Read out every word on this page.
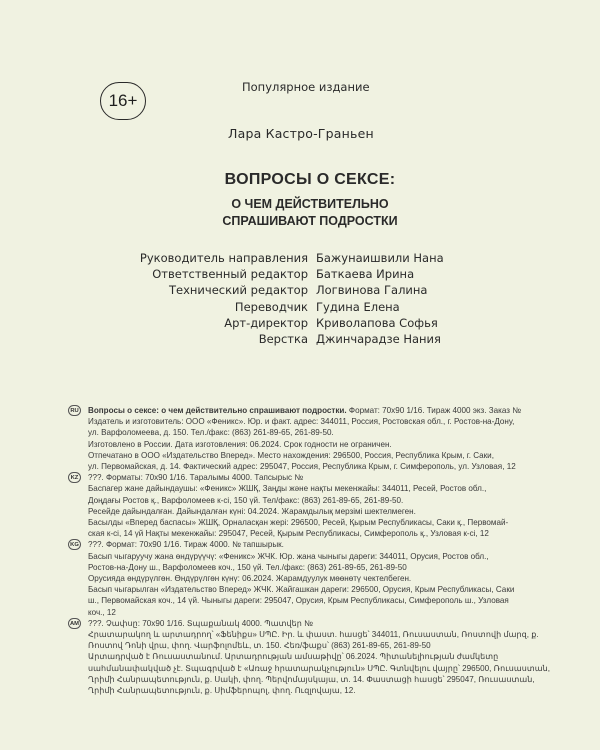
16+
Популярное издание
Лара Кастро-Граньен
ВОПРОСЫ О СЕКСЕ:
О ЧЕМ ДЕЙСТВИТЕЛЬНО
СПРАШИВАЮТ ПОДРОСТКИ
Руководитель направления Бажунаишвили Нана
Ответственный редактор Баткаева Ирина
Технический редактор Логвинова Галина
Переводчик Гудина Елена
Арт-директор Криволапова Софья
Верстка Джинчарадзе Нания
RU Вопросы о сексе: о чем действительно спрашивают подростки. Формат: 70x90 1/16. Тираж 4000 экз. Заказ №
Издатель и изготовитель: ООО «Феникс». Юр. и факт. адрес: 344011, Россия, Ростовская обл., г. Ростов-на-Дону,
ул. Варфоломеева, д. 150. Тел./факс: (863) 261-89-65, 261-89-50.
Изготовлено в России. Дата изготовления: 06.2024. Срок годности не ограничен.
Отпечатано в ООО «Издательство Вперед». Место нахождения: 296500, Россия, Республика Крым, г. Саки,
ул. Первомайская, д. 14. Фактический адрес: 295047, Россия, Республика Крым, г. Симферополь, ул. Узловая, 12
KZ	???. Форматы: 70x90 1/16. Таралымы 4000. Тапсырыс №
Баспагер жане дайындаушы: «Феникс» ЖШҚ, Заңды және нақты мекенжайы: 344011, Ресей, Ростов обл.,
Доңдағы Ростов қ., Варфоломеев к-сі, 150 үй. Тел/факс: (863) 261-89-65, 261-89-50.
Ресейде дайындалған. Дайындалған күні: 04.2024. Жарамдылық мерзімі шектелмеген.
Басылды «Вперед баспасы» ЖШҚ, Орналасқан жері: 296500, Ресей, Қырым Республикасы, Саки қ., Первомай-
ская к-сі, 14 үй Нақты мекенжайы: 295047, Ресей, Қырым Республикасы, Симферополь қ., Узловая к-сі, 12
KG ???. Формат: 70x90 1/16. Тираж 4000. № тапшырык.
Басып чыгаруучу жана өндүрүүчү: «Феникс» ЖЧК. Юр. жана чыныгы дареги: 344011, Орусия, Ростов обл.,
Ростов-на-Дону ш., Варфоломеев коч., 150 үй. Тел./факс: (863) 261-89-65, 261-89-50
Орусияда өндүрүлгөн. Өндүрүлгөн күнү: 06.2024. Жарамдуулук мөөнөтү чектелбеген.
Басып чыгарылган «Издательство Вперед» ЖЧК. Жайгашкан дареги: 296500, Орусия, Крым Республикасы, Саки
ш., Первомайская коч., 14 үй. Чыныгы дареги: 295047, Орусия, Крым Республикасы, Симферополь ш., Узловая
коч., 12
AM ???. Չափսը: 70x90 1/16. Տպաքանակ 4000. Պատվեր №
Հրատարակող և արտադրող՝ «Ֆենիքս» ՍՊԸ. Իր. և փաստ. հասցե՝ 344011, Ռուսաստան, Ռոստովի մարզ, ք.
Ռոստով Դոնի վրա, փող. Վարֆոլոմեև, տ. 150. Հեռ/ֆաքս՝ (863) 261-89-65, 261-89-50
Արտադրված է Ռուսաստանում. Արտադրության ամսաթիվը՝ 06.2024. Պիտանելիության ժամկետը
սահմանափակված չէ. Տպագրված է «Առաջ հրատարակչություն» ՍՊԸ. Գտնվելու վայրը՝ 296500, Ռուսաստան,
Ղրիմի Հանրապետություն, ք. Սակի, փող. Պերվոմայսկայա, տ. 14. Փաստացի հասցե՝ 295047, Ռուսաստան,
Ղրիմի Հանրապետություն, ք. Սիմֆերոպոլ, փող. Ուզլովայա, 12.
